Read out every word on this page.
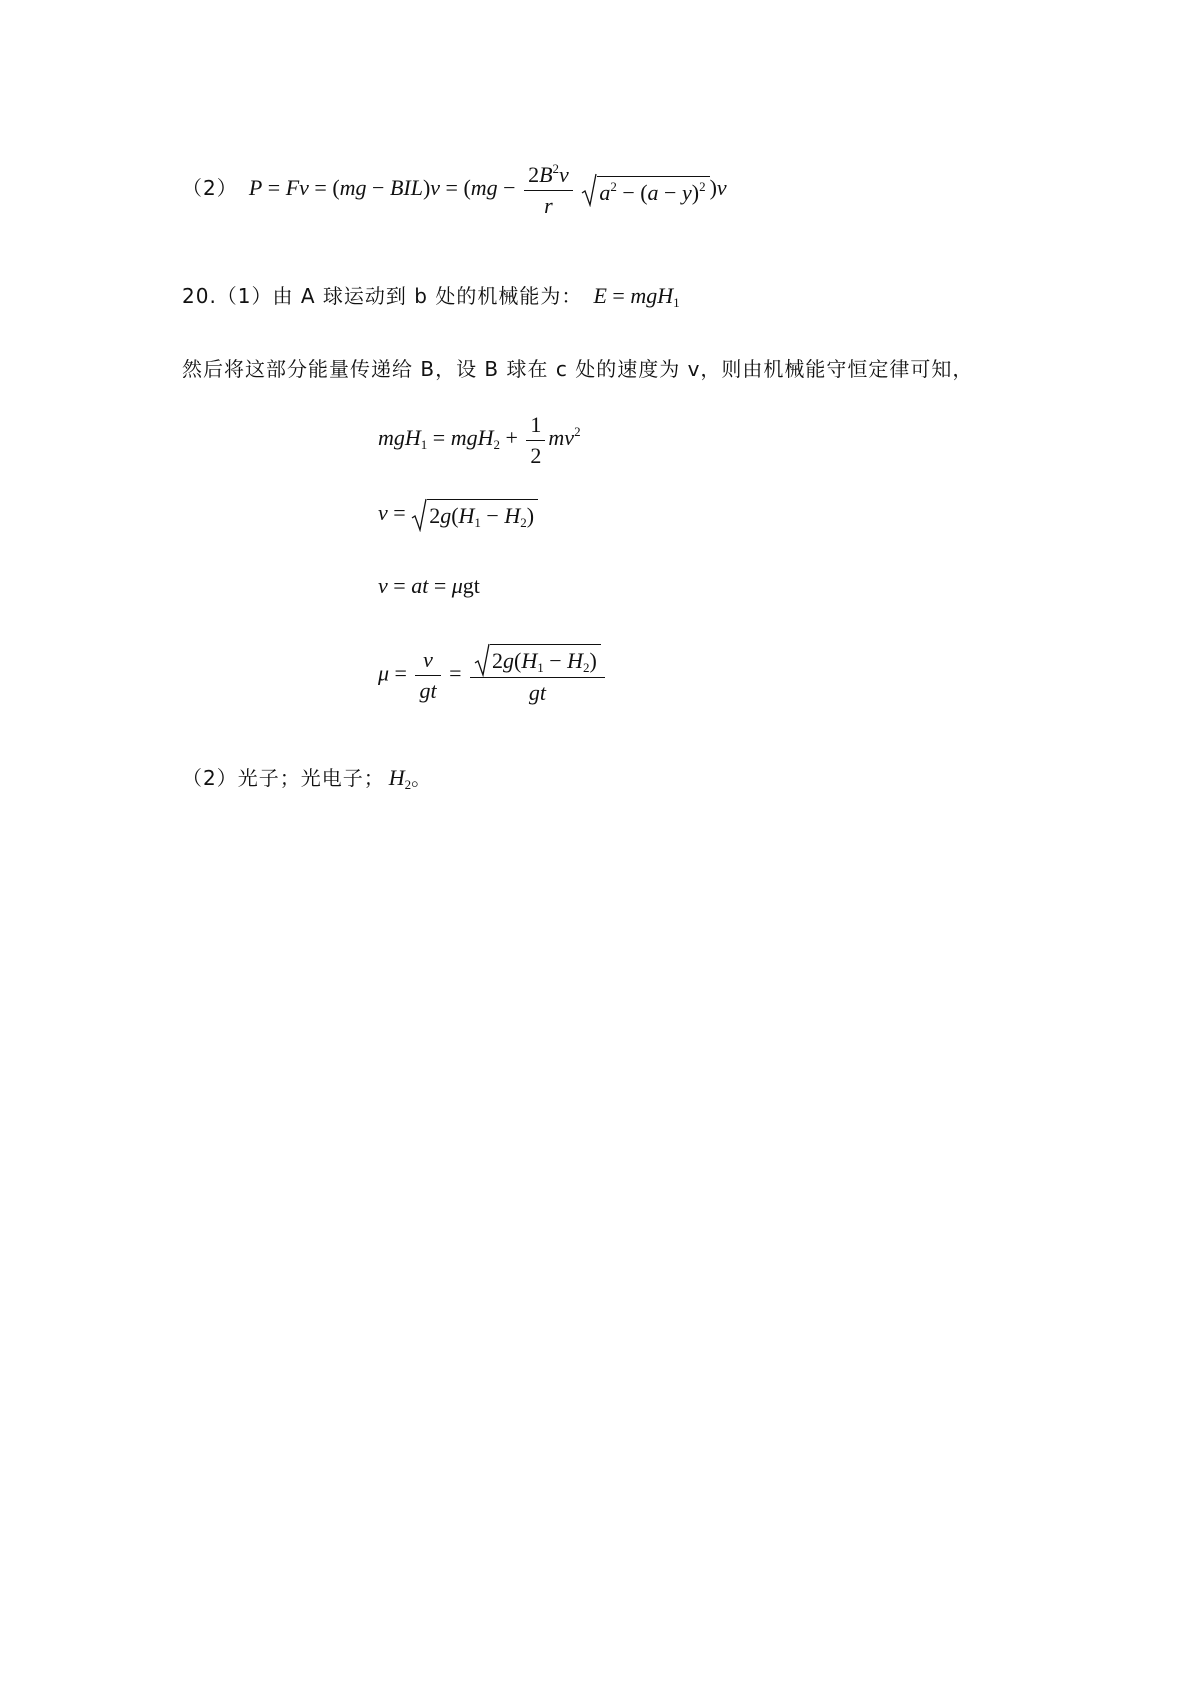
（2） $P = Fv = (mg - BIL)v = (mg - \frac{2B^2v}{r}$
$a^2 - (a - y)^2$ )v
20.（1）由 A 球运动到 b 处的机械能为： E = mgH$_1$
然后将这部分能量传递给 B，设 B 球在 c 处的速度为 v，则由机械能守恒定律可知，
$mgH_1 = mgH_2 + \frac{1}{2} mv^2$
$v = 2g(H_1 - H_2)$
v = at = μgt
$\mu = \frac{v}{gt} = \frac{2g(H_1 - H_2)}{gt}$
（2）光子；光电子； $H_2$。
